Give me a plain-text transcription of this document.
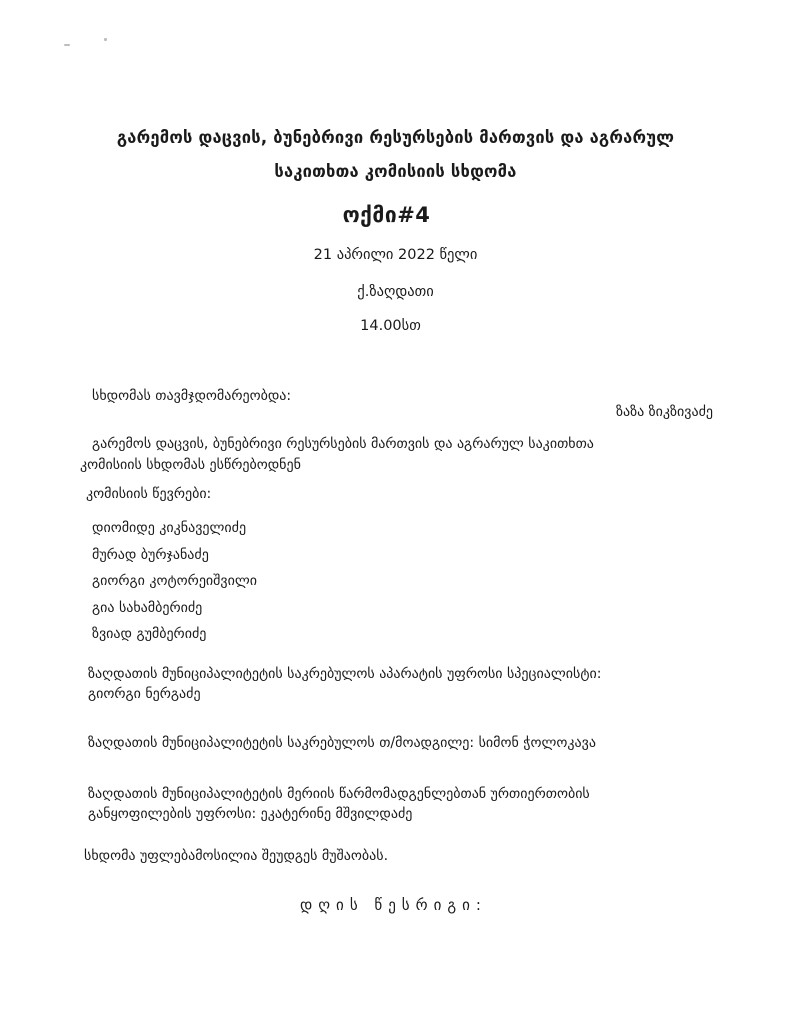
გარემოს დაცვის, ბუნებრივი რესურსების მართვის და აგრარულ
საკითხთა კომისიის სხდომა
ოქმი#4
21 აპრილი 2022 წელი
ქ.ზაღდათი
14.00სთ
სხდომას თავმჯდომარეობდა:
ზაზა ზიკზივაძე
გარემოს დაცვის, ბუნებრივი რესურსების მართვის და აგრარულ საკითხთა
კომისიის სხდომას ესწრებოდნენ
კომისიის წევრები:
დიომიდე კიკნაველიძე
მურად ბურჯანაძე
გიორგი კოტორეიშვილი
გია სახამბერიძე
ზვიად გუმბერიძე
ზაღდათის მუნიციპალიტეტის საკრებულოს აპარატის უფროსი სპეციალისტი:
გიორგი ნერგაძე
ზაღდათის მუნიციპალიტეტის საკრებულოს თ/მოადგილე: სიმონ ჭოლოკავა
ზაღდათის მუნიციპალიტეტის მერიის წარმომადგენლებთან ურთიერთობის
განყოფილების უფროსი: ეკატერინე მშვილდაძე
სხდომა უფლებამოსილია შეუდგეს მუშაობას.
დღის წესრიგი:
